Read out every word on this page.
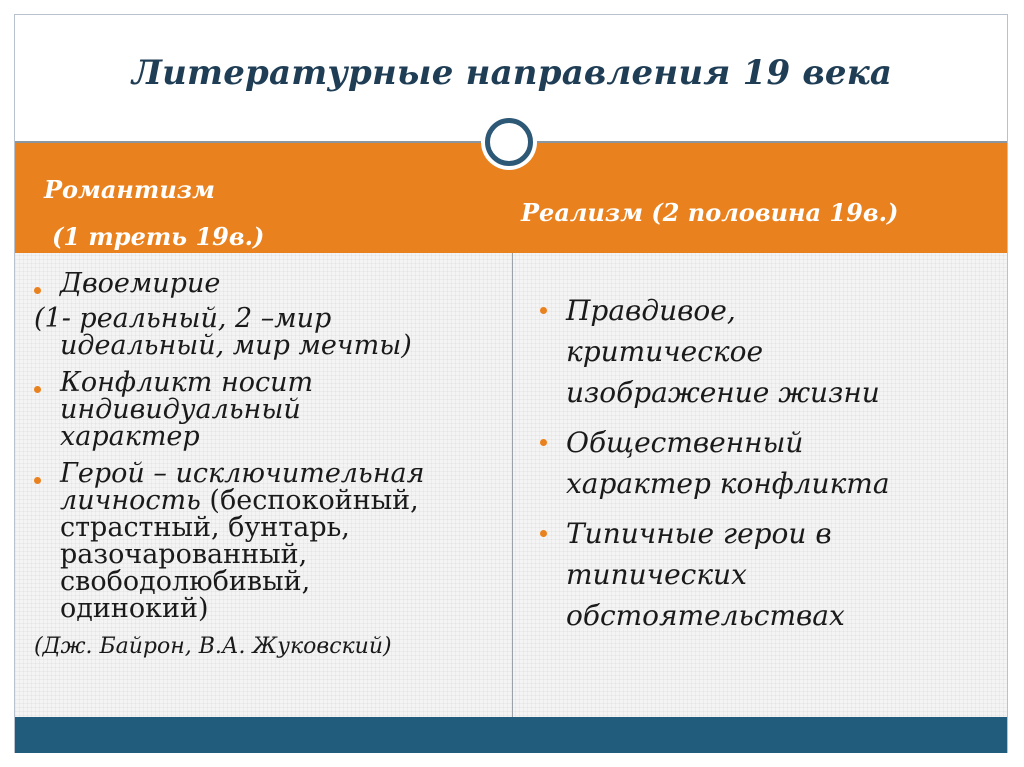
Литературные направления 19 века
Романтизм
(1 треть 19в.)
Реализм (2 половина 19в.)
Двоемирие
(1- реальный, 2 –мир
идеальный, мир мечты)
Конфликт носит
индивидуальный
характер
Герой – исключительная
личность (беспокойный,
страстный, бунтарь,
разочарованный,
свободолюбивый,
одинокий)
(Дж. Байрон, В.А. Жуковский)
Правдивое,
критическое
изображение жизни
Общественный
характер конфликта
Типичные герои в
типических
обстоятельствах
